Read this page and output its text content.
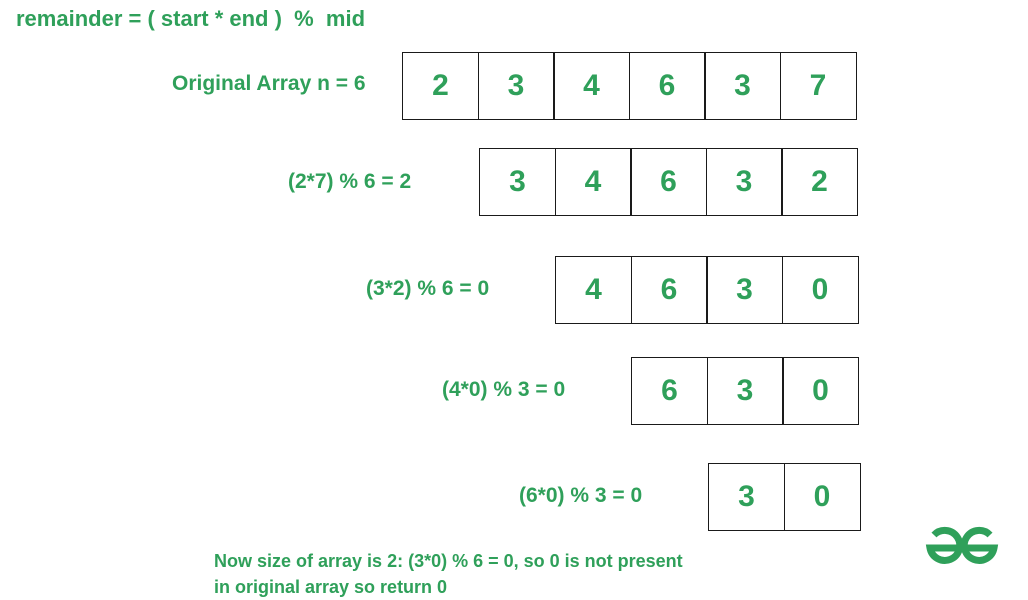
remainder = ( start * end )  %  mid
Original Array n = 6	2	3	4	6	3	7
(2*7) % 6 = 2	3	4	6	3	2
(3*2) % 6 = 0	4	6	3	0
(4*0) % 3 = 0	6	3	0
(6*0) % 3 = 0	3	0
Now size of array is 2: (3*0) % 6 = 0, so 0 is not present
in original array so return 0
